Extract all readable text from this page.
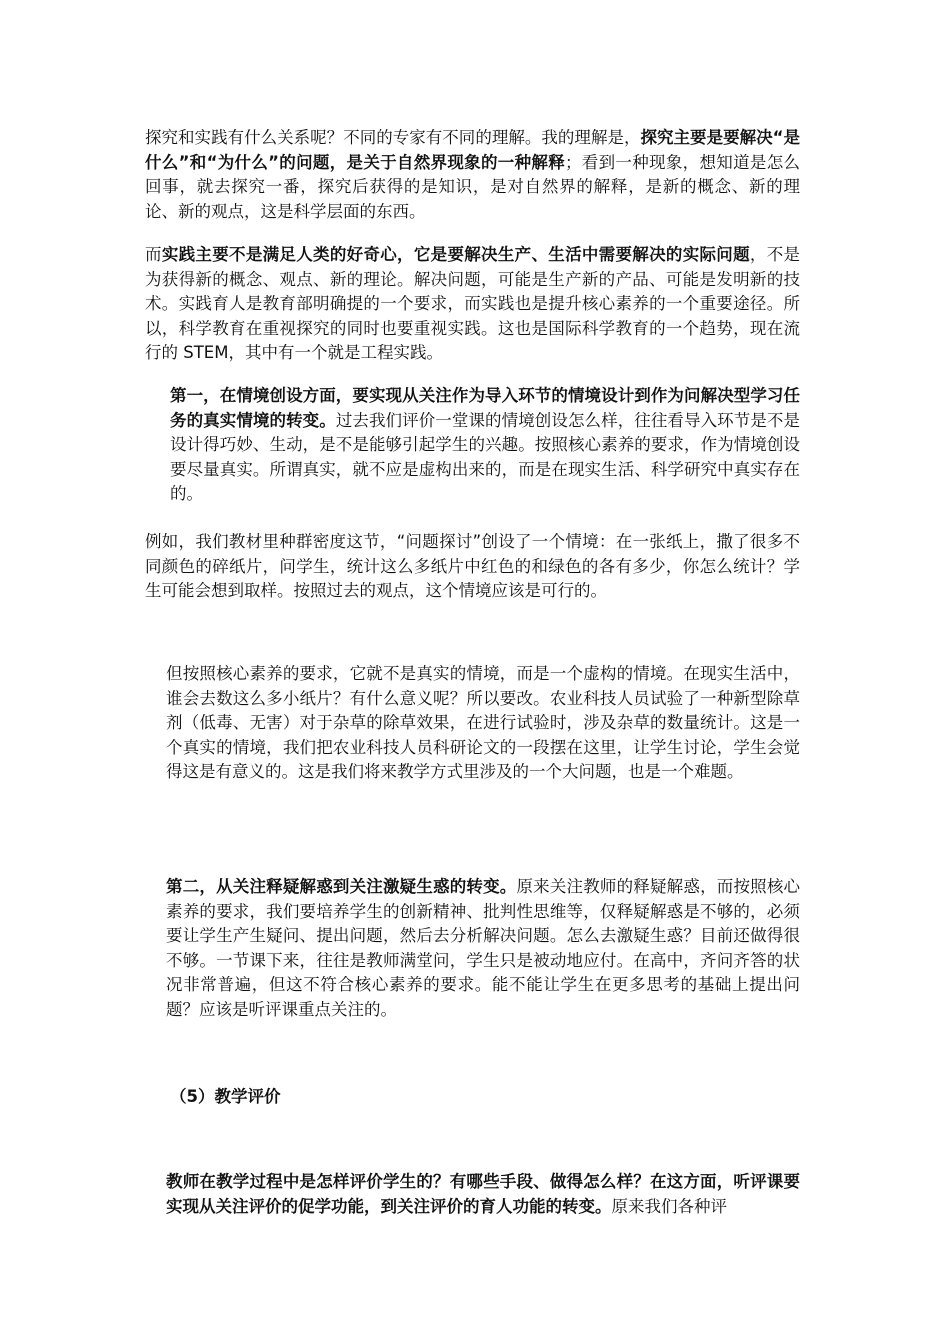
探究和实践有什么关系呢？不同的专家有不同的理解。我的理解是，探究主要是要解决“是什么”和“为什么”的问题，是关于自然界现象的一种解释；看到一种现象，想知道是怎么回事，就去探究一番，探究后获得的是知识，是对自然界的解释，是新的概念、新的理论、新的观点，这是科学层面的东西。

而实践主要不是满足人类的好奇心，它是要解决生产、生活中需要解决的实际问题，不是为获得新的概念、观点、新的理论。解决问题，可能是生产新的产品、可能是发明新的技术。实践育人是教育部明确提的一个要求，而实践也是提升核心素养的一个重要途径。所以，科学教育在重视探究的同时也要重视实践。这也是国际科学教育的一个趋势，现在流行的 STEM，其中有一个就是工程实践。

第一，在情境创设方面，要实现从关注作为导入环节的情境设计到作为问解决型学习任务的真实情境的转变。过去我们评价一堂课的情境创设怎么样，往往看导入环节是不是设计得巧妙、生动，是不是能够引起学生的兴趣。按照核心素养的要求，作为情境创设要尽量真实。所谓真实，就不应是虚构出来的，而是在现实生活、科学研究中真实存在的。

例如，我们教材里种群密度这节，“问题探讨”创设了一个情境：在一张纸上，撒了很多不同颜色的碎纸片，问学生，统计这么多纸片中红色的和绿色的各有多少，你怎么统计？学生可能会想到取样。按照过去的观点，这个情境应该是可行的。

但按照核心素养的要求，它就不是真实的情境，而是一个虚构的情境。在现实生活中，谁会去数这么多小纸片？有什么意义呢？所以要改。农业科技人员试验了一种新型除草剂（低毒、无害）对于杂草的除草效果，在进行试验时，涉及杂草的数量统计。这是一个真实的情境，我们把农业科技人员科研论文的一段摆在这里，让学生讨论，学生会觉得这是有意义的。这是我们将来教学方式里涉及的一个大问题，也是一个难题。

第二，从关注释疑解惑到关注激疑生惑的转变。原来关注教师的释疑解惑，而按照核心素养的要求，我们要培养学生的创新精神、批判性思维等，仅释疑解惑是不够的，必须要让学生产生疑问、提出问题，然后去分析解决问题。怎么去激疑生惑？目前还做得很不够。一节课下来，往往是教师满堂问，学生只是被动地应付。在高中，齐问齐答的状况非常普遍，但这不符合核心素养的要求。能不能让学生在更多思考的基础上提出问题？应该是听评课重点关注的。

（5）教学评价

教师在教学过程中是怎样评价学生的？有哪些手段、做得怎么样？在这方面，听评课要实现从关注评价的促学功能，到关注评价的育人功能的转变。原来我们各种评
